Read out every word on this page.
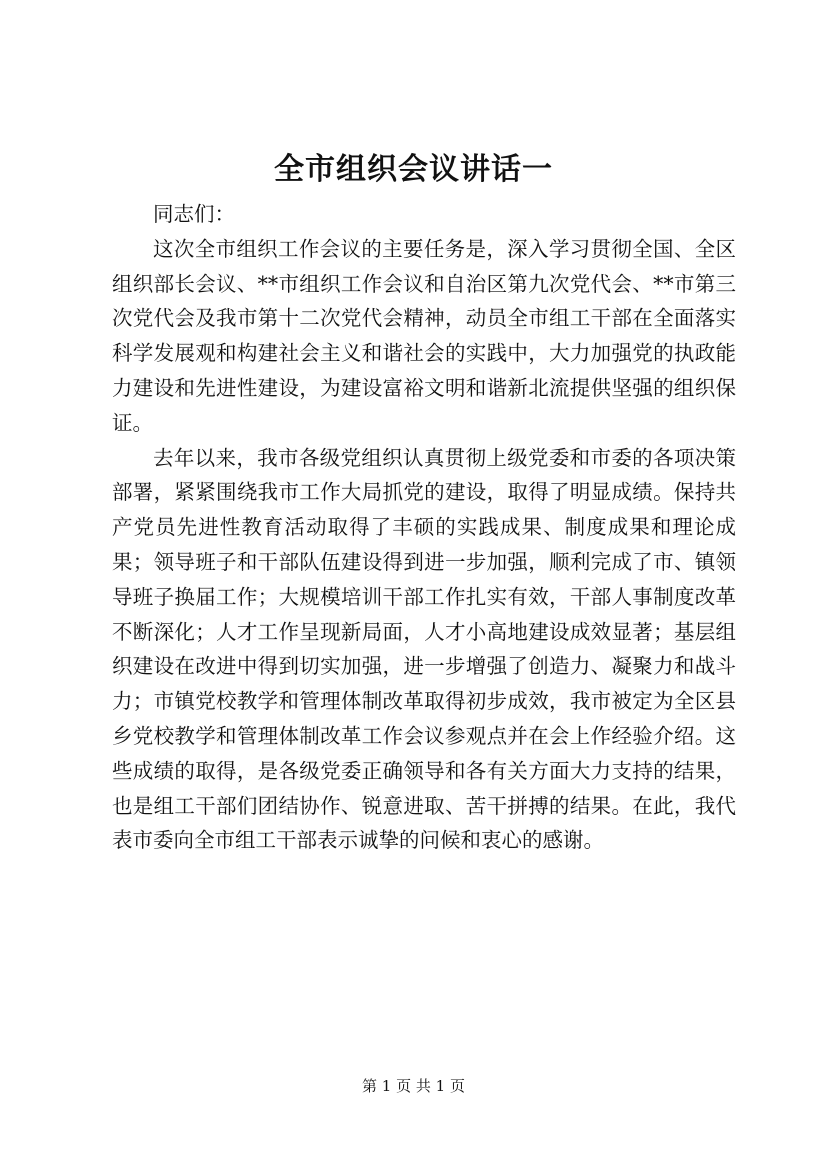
全市组织会议讲话一

同志们：

这次全市组织工作会议的主要任务是，深入学习贯彻全国、全区组织部长会议、**市组织工作会议和自治区第九次党代会、**市第三次党代会及我市第十二次党代会精神，动员全市组工干部在全面落实科学发展观和构建社会主义和谐社会的实践中，大力加强党的执政能力建设和先进性建设，为建设富裕文明和谐新北流提供坚强的组织保证。

去年以来，我市各级党组织认真贯彻上级党委和市委的各项决策部署，紧紧围绕我市工作大局抓党的建设，取得了明显成绩。保持共产党员先进性教育活动取得了丰硕的实践成果、制度成果和理论成果；领导班子和干部队伍建设得到进一步加强，顺利完成了市、镇领导班子换届工作；大规模培训干部工作扎实有效，干部人事制度改革不断深化；人才工作呈现新局面，人才小高地建设成效显著；基层组织建设在改进中得到切实加强，进一步增强了创造力、凝聚力和战斗力；市镇党校教学和管理体制改革取得初步成效，我市被定为全区县乡党校教学和管理体制改革工作会议参观点并在会上作经验介绍。这些成绩的取得，是各级党委正确领导和各有关方面大力支持的结果，也是组工干部们团结协作、锐意进取、苦干拼搏的结果。在此，我代表市委向全市组工干部表示诚挚的问候和衷心的感谢。

第 1 页 共 1 页
